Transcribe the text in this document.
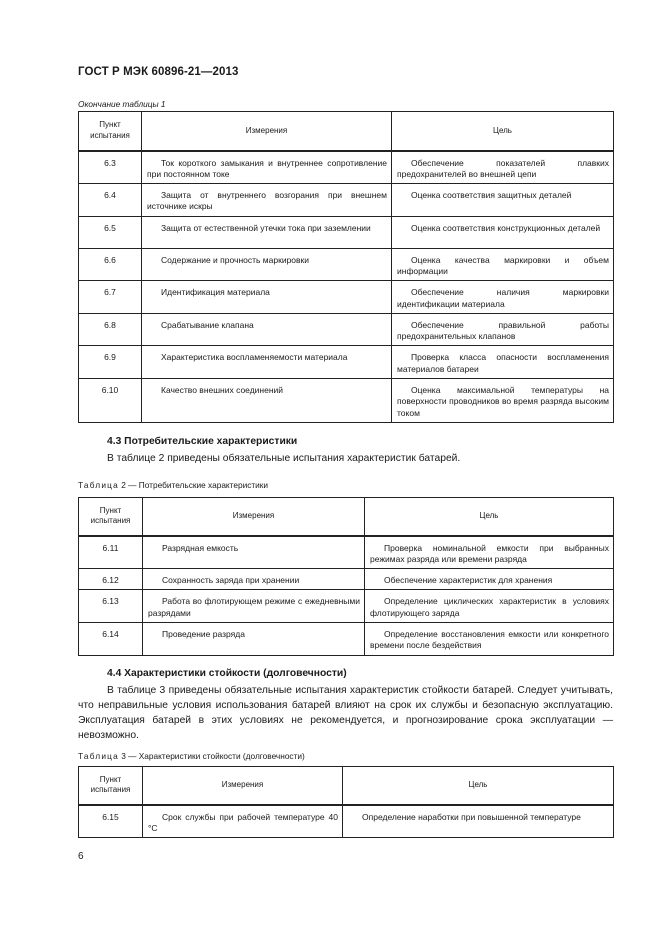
ГОСТ Р МЭК 60896-21—2013
Окончание таблицы 1
Пункт испытания	Измерения	Цель
6.3	Ток короткого замыкания и внутреннее сопротивление при постоянном токе	Обеспечение показателей плавких предохранителей во внешней цепи
6.4	Защита от внутреннего возгорания при внешнем источнике искры	Оценка соответствия защитных деталей
6.5	Защита от естественной утечки тока при заземлении	Оценка соответствия конструкционных деталей
6.6	Содержание и прочность маркировки	Оценка качества маркировки и объем информации
6.7	Идентификация материала	Обеспечение наличия маркировки идентификации материала
6.8	Срабатывание клапана	Обеспечение правильной работы предохранительных клапанов
6.9	Характеристика воспламеняемости материала	Проверка класса опасности воспламенения материалов батареи
6.10	Качество внешних соединений	Оценка максимальной температуры на поверхности проводников во время разряда высоким током
4.3 Потребительские характеристики
В таблице 2 приведены обязательные испытания характеристик батарей.
Таблица 2 — Потребительские характеристики
Пункт испытания	Измерения	Цель
6.11	Разрядная емкость	Проверка номинальной емкости при выбранных режимах разряда или времени разряда
6.12	Сохранность заряда при хранении	Обеспечение характеристик для хранения
6.13	Работа во флотирующем режиме с ежедневными разрядами	Определение циклических характеристик в условиях флотирующего заряда
6.14	Проведение разряда	Определение восстановления емкости или конкретного времени после бездействия
4.4 Характеристики стойкости (долговечности)
В таблице 3 приведены обязательные испытания характеристик стойкости батарей. Следует учитывать, что неправильные условия использования батарей влияют на срок их службы и безопасную эксплуатацию. Эксплуатация батарей в этих условиях не рекомендуется, и прогнозирование срока эксплуатации — невозможно.
Таблица 3 — Характеристики стойкости (долговечности)
Пункт испытания	Измерения	Цель
6.15	Срок службы при рабочей температуре 40 °C	Определение наработки при повышенной температуре
6
